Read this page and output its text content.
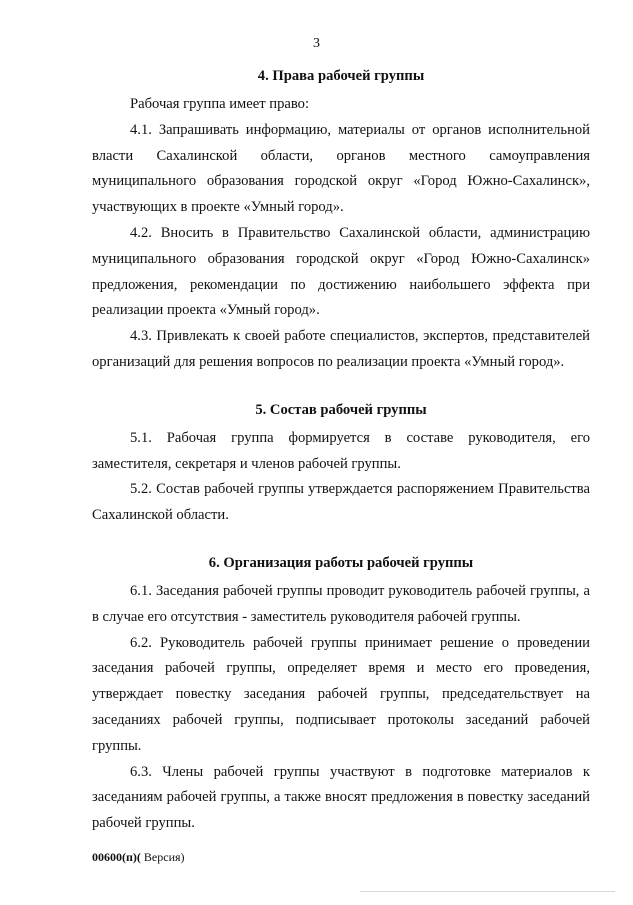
3

4. Права рабочей группы

Рабочая группа имеет право:

4.1. Запрашивать информацию, материалы от органов исполнительной власти Сахалинской области, органов местного самоуправления муниципального образования городской округ «Город Южно-Сахалинск», участвующих в проекте «Умный город».

4.2. Вносить в Правительство Сахалинской области, администрацию муниципального образования городской округ «Город Южно-Сахалинск» предложения, рекомендации по достижению наибольшего эффекта при реализации проекта «Умный город».

4.3. Привлекать к своей работе специалистов, экспертов, представителей организаций для решения вопросов по реализации проекта «Умный город».

5. Состав рабочей группы

5.1. Рабочая группа формируется в составе руководителя, его заместителя, секретаря и членов рабочей группы.

5.2. Состав рабочей группы утверждается распоряжением Правительства Сахалинской области.

6. Организация работы рабочей группы

6.1. Заседания рабочей группы проводит руководитель рабочей группы, а в случае его отсутствия - заместитель руководителя рабочей группы.

6.2. Руководитель рабочей группы принимает решение о проведении заседания рабочей группы, определяет время и место его проведения, утверждает повестку заседания рабочей группы, председательствует на заседаниях рабочей группы, подписывает протоколы заседаний рабочей группы.

6.3. Члены рабочей группы участвуют в подготовке материалов к заседаниям рабочей группы, а также вносят предложения в повестку заседаний рабочей группы.

00600(п)( Версия)
